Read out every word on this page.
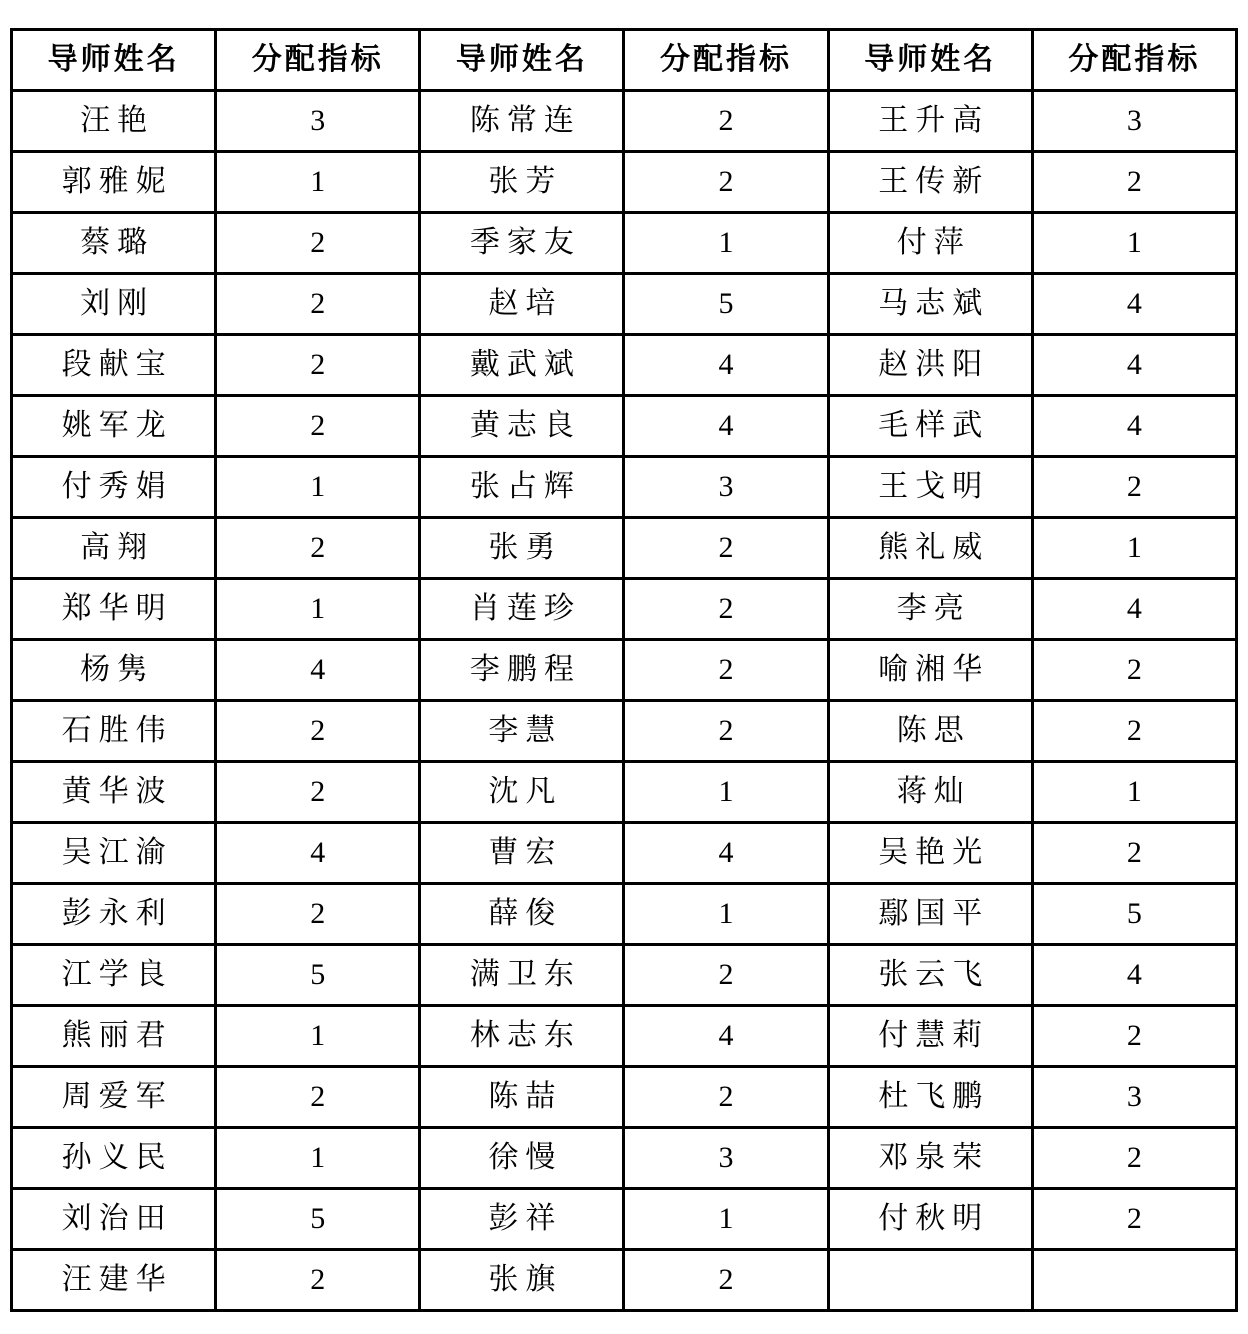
导师姓名	分配指标	导师姓名	分配指标	导师姓名	分配指标
汪艳	3	陈常连	2	王升高	3
郭雅妮	1	张芳	2	王传新	2
蔡璐	2	季家友	1	付萍	1
刘刚	2	赵培	5	马志斌	4
段献宝	2	戴武斌	4	赵洪阳	4
姚军龙	2	黄志良	4	毛样武	4
付秀娟	1	张占辉	3	王戈明	2
高翔	2	张勇	2	熊礼威	1
郑华明	1	肖莲珍	2	李亮	4
杨隽	4	李鹏程	2	喻湘华	2
石胜伟	2	李慧	2	陈思	2
黄华波	2	沈凡	1	蒋灿	1
吴江渝	4	曹宏	4	吴艳光	2
彭永利	2	薛俊	1	鄢国平	5
江学良	5	满卫东	2	张云飞	4
熊丽君	1	林志东	4	付慧莉	2
周爱军	2	陈喆	2	杜飞鹏	3
孙义民	1	徐慢	3	邓泉荣	2
刘治田	5	彭祥	1	付秋明	2
汪建华	2	张旗	2		
